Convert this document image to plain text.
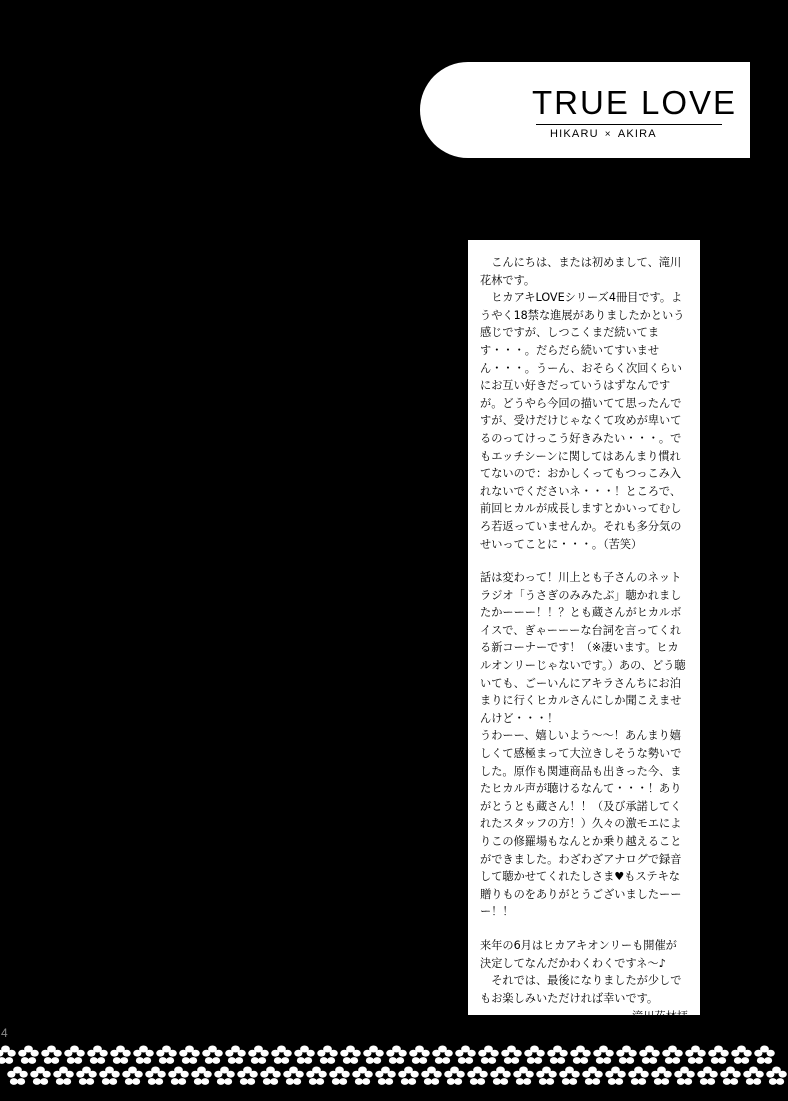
TRUE LOVE
HIKARU × AKIRA

こんにちは、または初めまして、滝川花林です。

ヒカアキLOVEシリーズ4冊目です。ようやく18禁な進展がありましたかという感じですが、しつこくまだ続いてます・・・。だらだら続いてすいません・・・。うーん、おそらく次回くらいにお互い好きだっていうはずなんですが。どうやら今回の描いてて思ったんですが、受けだけじゃなくて攻めが卑いてるのってけっこう好きみたい・・・。でもエッチシーンに関してはあんまり慣れてないので：おかしくってもつっこみ入れないでくださいネ・・・！ところで、前回ヒカルが成長しますとかいってむしろ若返っていませんか。それも多分気のせいってことに・・・。（苦笑）

話は変わって！川上とも子さんのネットラジオ「うさぎのみみたぶ」聴かれましたかーーー！！？とも蔵さんがヒカルボイスで、ぎゃーーーな台詞を言ってくれる新コーナーです！（※凄います。ヒカルオンリーじゃないです。）あの、どう聴いても、ごーいんにアキラさんちにお泊まりに行くヒカルさんにしか聞こえませんけど・・・！

うわーー、嬉しいよう〜〜！あんまり嬉しくて感極まって大泣きしそうな勢いでした。原作も関連商品も出きった今、またヒカル声が聴けるなんて・・・！ありがとうとも蔵さん！！（及び承諾してくれたスタッフの方！）久々の激モエによりこの修羅場もなんとか乗り越えることができました。わざわざアナログで録音して聴かせてくれたしさま♥もステキな贈りものをありがとうございましたーーー！！

来年の6月はヒカアキオンリーも開催が決定してなんだかわくわくですネ〜♪

それでは、最後になりましたが少しでもお楽しみいただければ幸いです。

滝川花林拝

4
